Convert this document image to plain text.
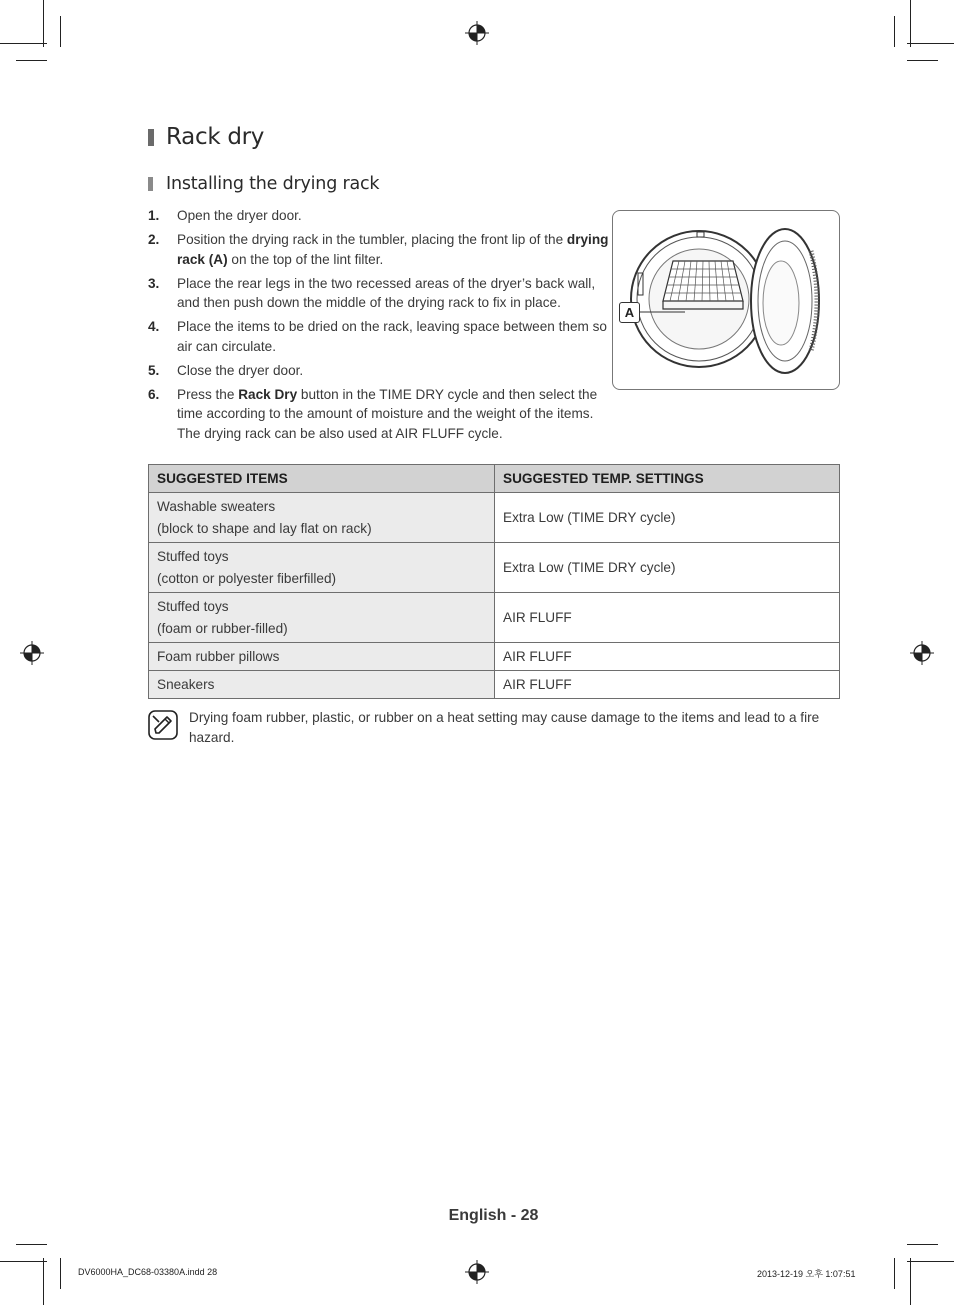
Rack dry
Installing the drying rack
1. Open the dryer door.
2. Position the drying rack in the tumbler, placing the front lip of the drying rack (A) on the top of the lint filter.
3. Place the rear legs in the two recessed areas of the dryer’s back wall, and then push down the middle of the drying rack to fix in place.
4. Place the items to be dried on the rack, leaving space between them so air can circulate.
5. Close the dryer door.
6. Press the Rack Dry button in the TIME DRY cycle and then select the time according to the amount of moisture and the weight of the items. The drying rack can be also used at AIR FLUFF cycle.
A
SUGGESTED ITEMS	SUGGESTED TEMP. SETTINGS

Washable sweaters
(block to shape and lay flat on rack)	Extra Low (TIME DRY cycle)

Stuffed toys
(cotton or polyester fiberfilled)	Extra Low (TIME DRY cycle)

Stuffed toys
(foam or rubber-filled)	AIR FLUFF

Foam rubber pillows	AIR FLUFF

Sneakers	AIR FLUFF
Drying foam rubber, plastic, or rubber on a heat setting may cause damage to the items and lead to a fire hazard.
English - 28
DV6000HA_DC68-03380A.indd 28	2013-12-19 오후 1:07:51
